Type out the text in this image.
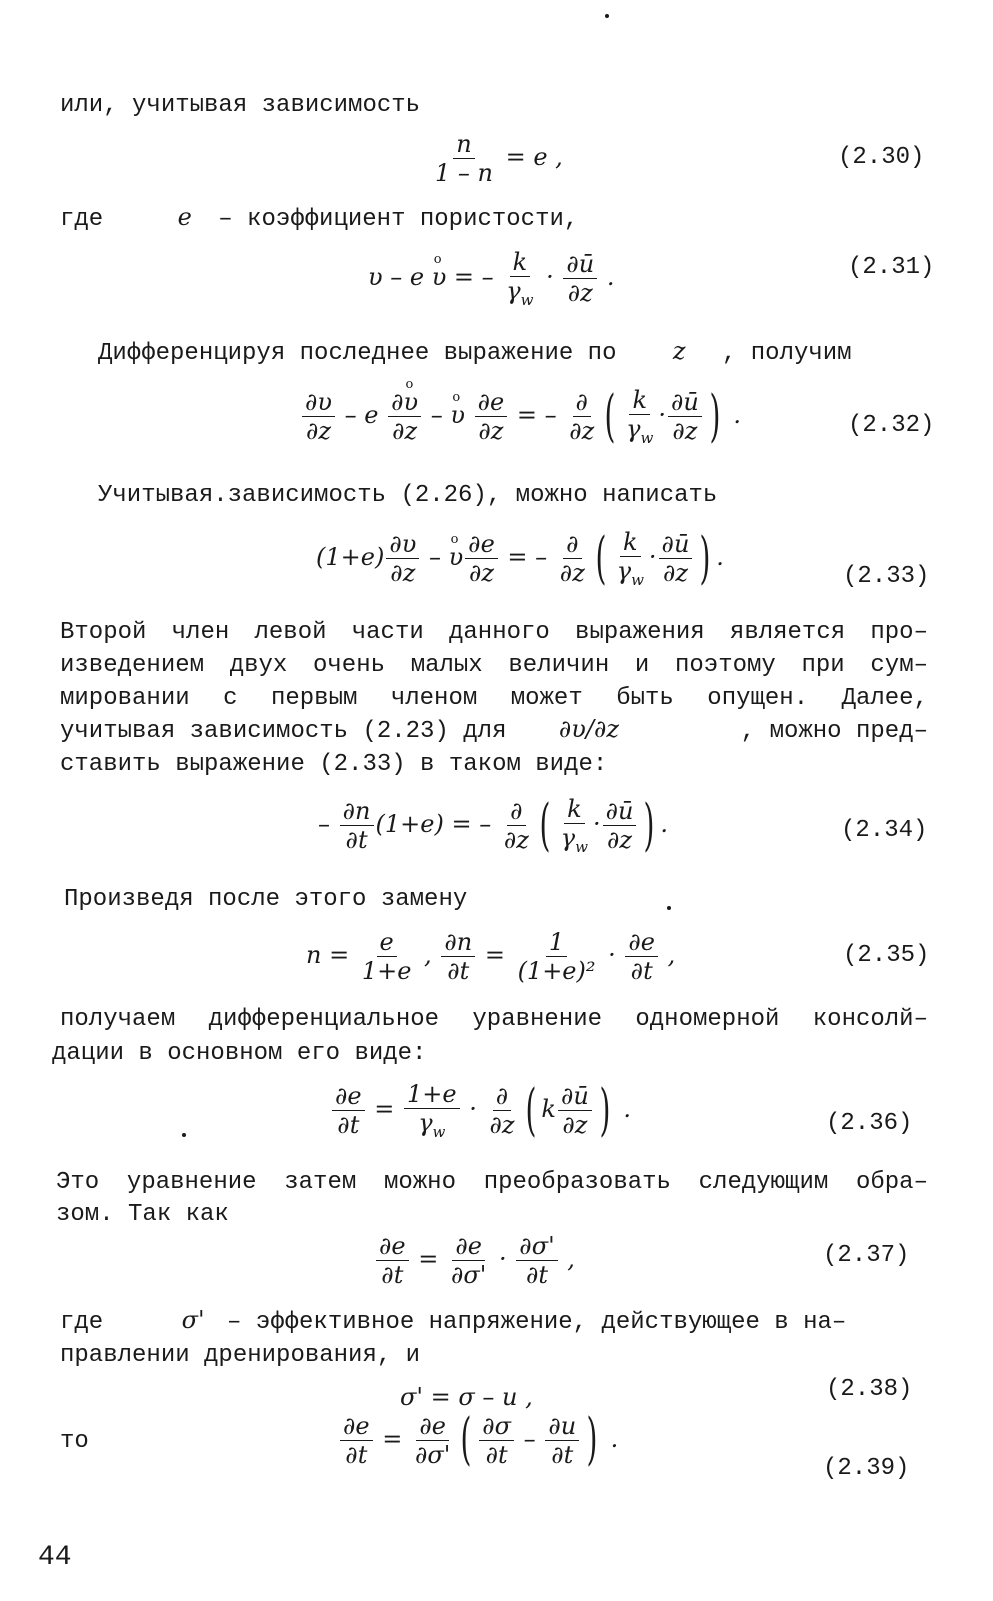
или, учитывая зависимость
$\frac{n}{1 - n} = e$ ,	(2.30)
где	e – коэффициент пористости,
υ – e o υ = – $\frac{k}{\gamma_w} \cdot \frac{\partial ū}{\partial z}$ .	(2.31)
Дифференцируя последнее выражение по z , получим
$\frac{\partial\upsilon}{\partial z}$ – e $\frac{\text{∂o υ}}{\partial z}$ – o υ $\frac{\partial e}{\partial z}$ = – $\frac{\partial}{\partial z}$ ( $\frac{k}{\gamma_w} \cdot \frac{\partial ū}{\partial z}$ ) .	(2.32)
Учитывая.зависимость (2.26), можно написать
$(1+e) \frac{\partial\upsilon}{\partial z} - o$ υ $\frac{\partial e}{\partial z}$ = – $\frac{\partial}{\partial z}$ ( $\frac{k}{\gamma_w} \cdot \frac{\partial ū}{\partial z}$ ) .
(2.33)
Второй член левой части данного выражения является про–
изведением двух очень малых величин и поэтому при сум–
мировании с первым членом может быть опущен. Далее,
учитывая зависимость (2.23) для ∂υ/∂z	, можно пред–
ставить выражение (2.33) в таком виде:
– $\frac{\partial n}{\partial t} (1+e)$ = – $\frac{\partial}{\partial z}$ ( $\frac{k}{\gamma_w} \cdot \frac{\partial ū}{\partial z}$ ) .	(2.34)
Произведя после этого замену
$n = \frac{e}{1+e}$ , $\frac{\partial n}{\partial t} = \frac{1}{\text{(1+e)²}} \cdot \frac{\partial e}{\partial t}$ ,	(2.35)
получаем дифференциальное уравнение одномерной консолй–
дации в основном его виде:
$\frac{\partial e}{\partial t} = \frac{1+e}{\gamma_w} \cdot \frac{\partial}{\partial z}$ ( k $\frac{\partial ū}{\partial z}$ ) .
(2.36)
Это уравнение затем можно преобразовать следующим обра–
зом. Так как
$\frac{\partial e}{\partial t} = \frac{\partial e}{\partial\sigma'} \cdot \frac{\partial\sigma'}{\partial t}$ ,	(2.37)
где	σ' – эффективное напряжение, действующее в на–
правлении дренирования, и
σ' = σ – u ,	(2.38)
то	$\frac{\partial e}{\partial t} = \frac{\partial e}{\partial\sigma'}$ ( $\frac{\partial\sigma}{\partial t} - \frac{\partial u}{\partial t}$ ) .
(2.39)
44
